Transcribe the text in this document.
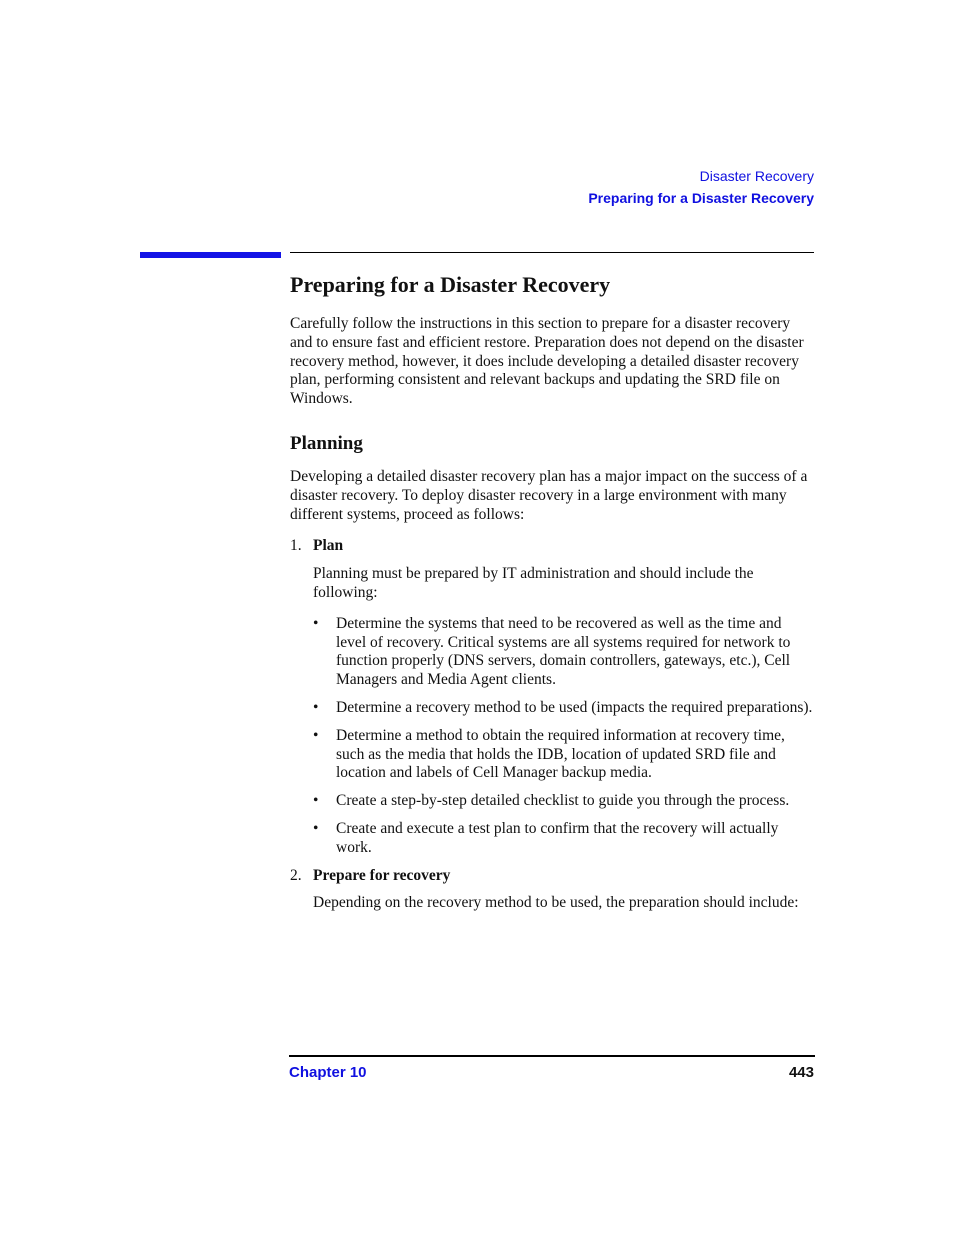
Disaster Recovery
Preparing for a Disaster Recovery
Preparing for a Disaster Recovery

Carefully follow the instructions in this section to prepare for a disaster recovery and to ensure fast and efficient restore. Preparation does not depend on the disaster recovery method, however, it does include developing a detailed disaster recovery plan, performing consistent and relevant backups and updating the SRD file on Windows.

Planning

Developing a detailed disaster recovery plan has a major impact on the success of a disaster recovery. To deploy disaster recovery in a large environment with many different systems, proceed as follows:

1. Plan

Planning must be prepared by IT administration and should include the following:

• Determine the systems that need to be recovered as well as the time and level of recovery. Critical systems are all systems required for network to function properly (DNS servers, domain controllers, gateways, etc.), Cell Managers and Media Agent clients.
• Determine a recovery method to be used (impacts the required preparations).
• Determine a method to obtain the required information at recovery time, such as the media that holds the IDB, location of updated SRD file and location and labels of Cell Manager backup media.
• Create a step-by-step detailed checklist to guide you through the process.
• Create and execute a test plan to confirm that the recovery will actually work.
2. Prepare for recovery

Depending on the recovery method to be used, the preparation should include:

Chapter 10	443
